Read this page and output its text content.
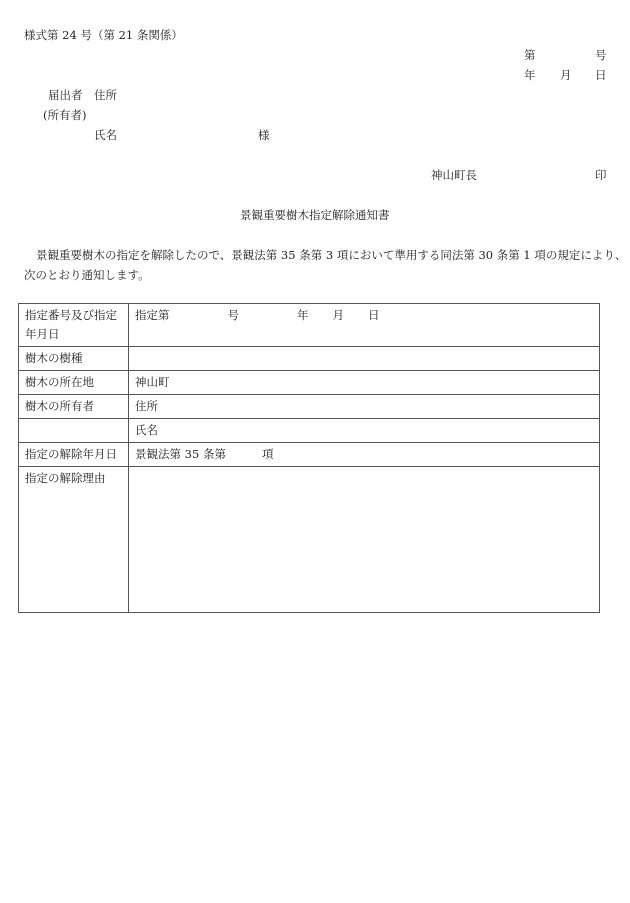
様式第 24 号（第 21 条関係）
第	号
年 月 日
届出者 住所
(所有者)
氏名	様
神山町長	印
景観重要樹木指定解除通知書
景観重要樹木の指定を解除したので、景観法第 35 条第 3 項において準用する同法第 30 条第 1 項の規定により、
次のとおり通知します。
指定番号及び指定年月日	指定第 号 年 月 日
樹木の樹種	
樹木の所在地	神山町
樹木の所有者	住所
	氏名
指定の解除年月日	景観法第 35 条第 項
指定の解除理由	
